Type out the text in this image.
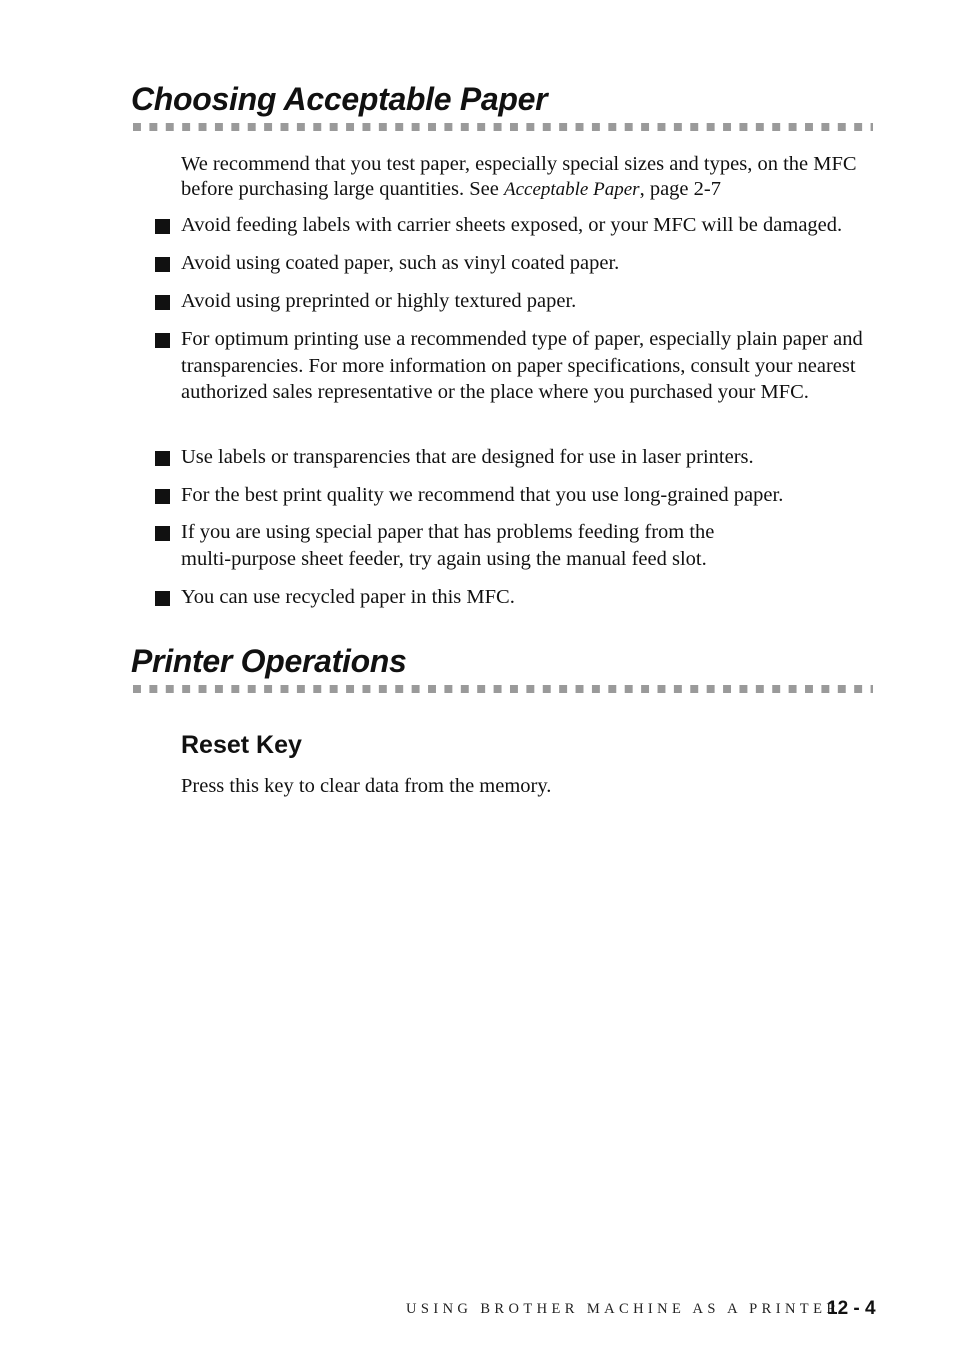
Choosing Acceptable Paper

We recommend that you test paper, especially special sizes and types, on the MFC before purchasing large quantities. See Acceptable Paper, page 2-7

Avoid feeding labels with carrier sheets exposed, or your MFC will be damaged.
Avoid using coated paper, such as vinyl coated paper.
Avoid using preprinted or highly textured paper.
For optimum printing use a recommended type of paper, especially plain paper and transparencies. For more information on paper specifications, consult your nearest authorized sales representative or the place where you purchased your MFC.
Use labels or transparencies that are designed for use in laser printers.
For the best print quality we recommend that you use long-grained paper.
If you are using special paper that has problems feeding from the multi-purpose sheet feeder, try again using the manual feed slot.
You can use recycled paper in this MFC.
Printer Operations
Reset Key

Press this key to clear data from the memory.

USING BROTHER MACHINE AS A PRINTER
12 - 4
